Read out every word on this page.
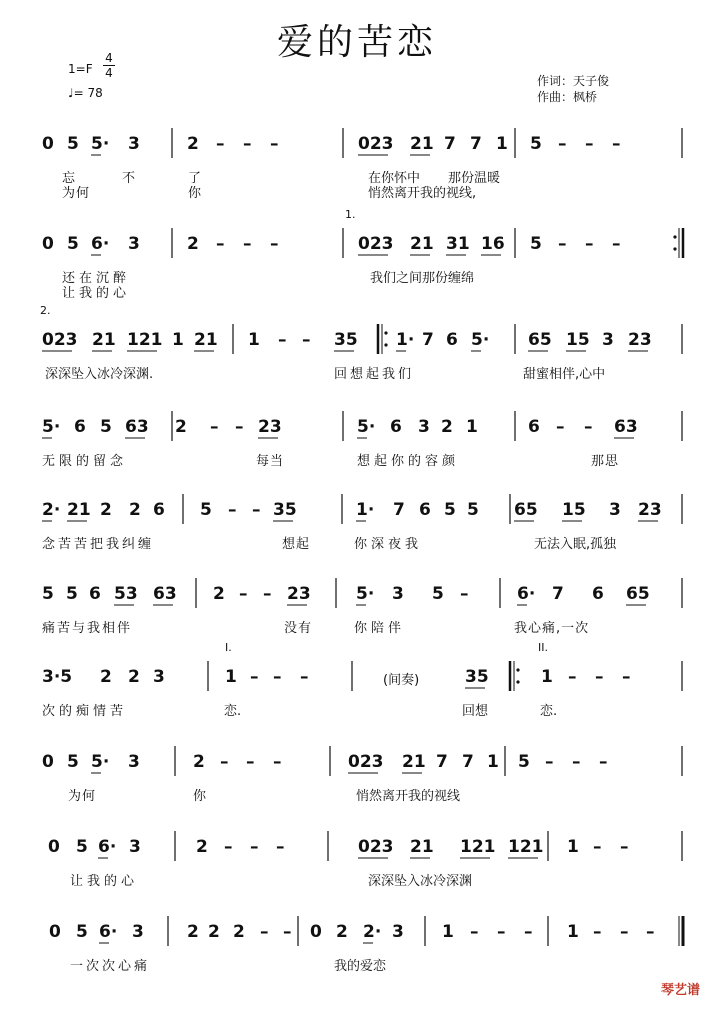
爱的苦恋
1=F
4
4
♩= 78
作词：天子俊
作曲：枫桥
0 5 5· 3	2 – – –	023 21 7 7 1 5 – – –
忘	不	了	在你怀中 那份温暖
为何	你	悄然离开我的视线,
1.
0 5 6· 3	2 – – –	023 21 31 16 5 – – –
还在沉醉	我们之间那份缠绵
让我的心
2.
023 21 121 1 21 1 – – 35 1· 7 6 5· 65 15 3 23
深深坠入冰冷深渊.	回想起我们	甜蜜相伴,心中
5· 6 5 63 2 – – 23	5· 6 3 2 1	6 – – 63
无限的留念	每当	想起你的容颜	那思
2· 21 2 2 6 5 – – 35	1· 7 6 5 5 65 15 3 23
念苦苦把我纠缠	想起	你深夜我	无法入眠,孤独
5 5 6 53 63 2 – – 23	5· 3 5 –	6· 7 6 65
痛苦与我相伴	没有	你陪伴	我心痛,一次
I.	II.
(间奏)
3·5 2 2 3	1 – – –	35	1 – – –
次的痴情苦	恋.	回想	恋.
0 5 5· 3	2 – – –	023 21 7 7 1 5 – – –
为何	你	悄然离开我的视线
0 5 6· 3	2 – – –	023 21 121 121 1 – –
让我的心	深深坠入冰冷深渊
0 5 6· 3	2 2 2 – – 0 2 2· 3 1 – – – 1 – – –
一次次心痛	我的爱恋
琴艺谱
